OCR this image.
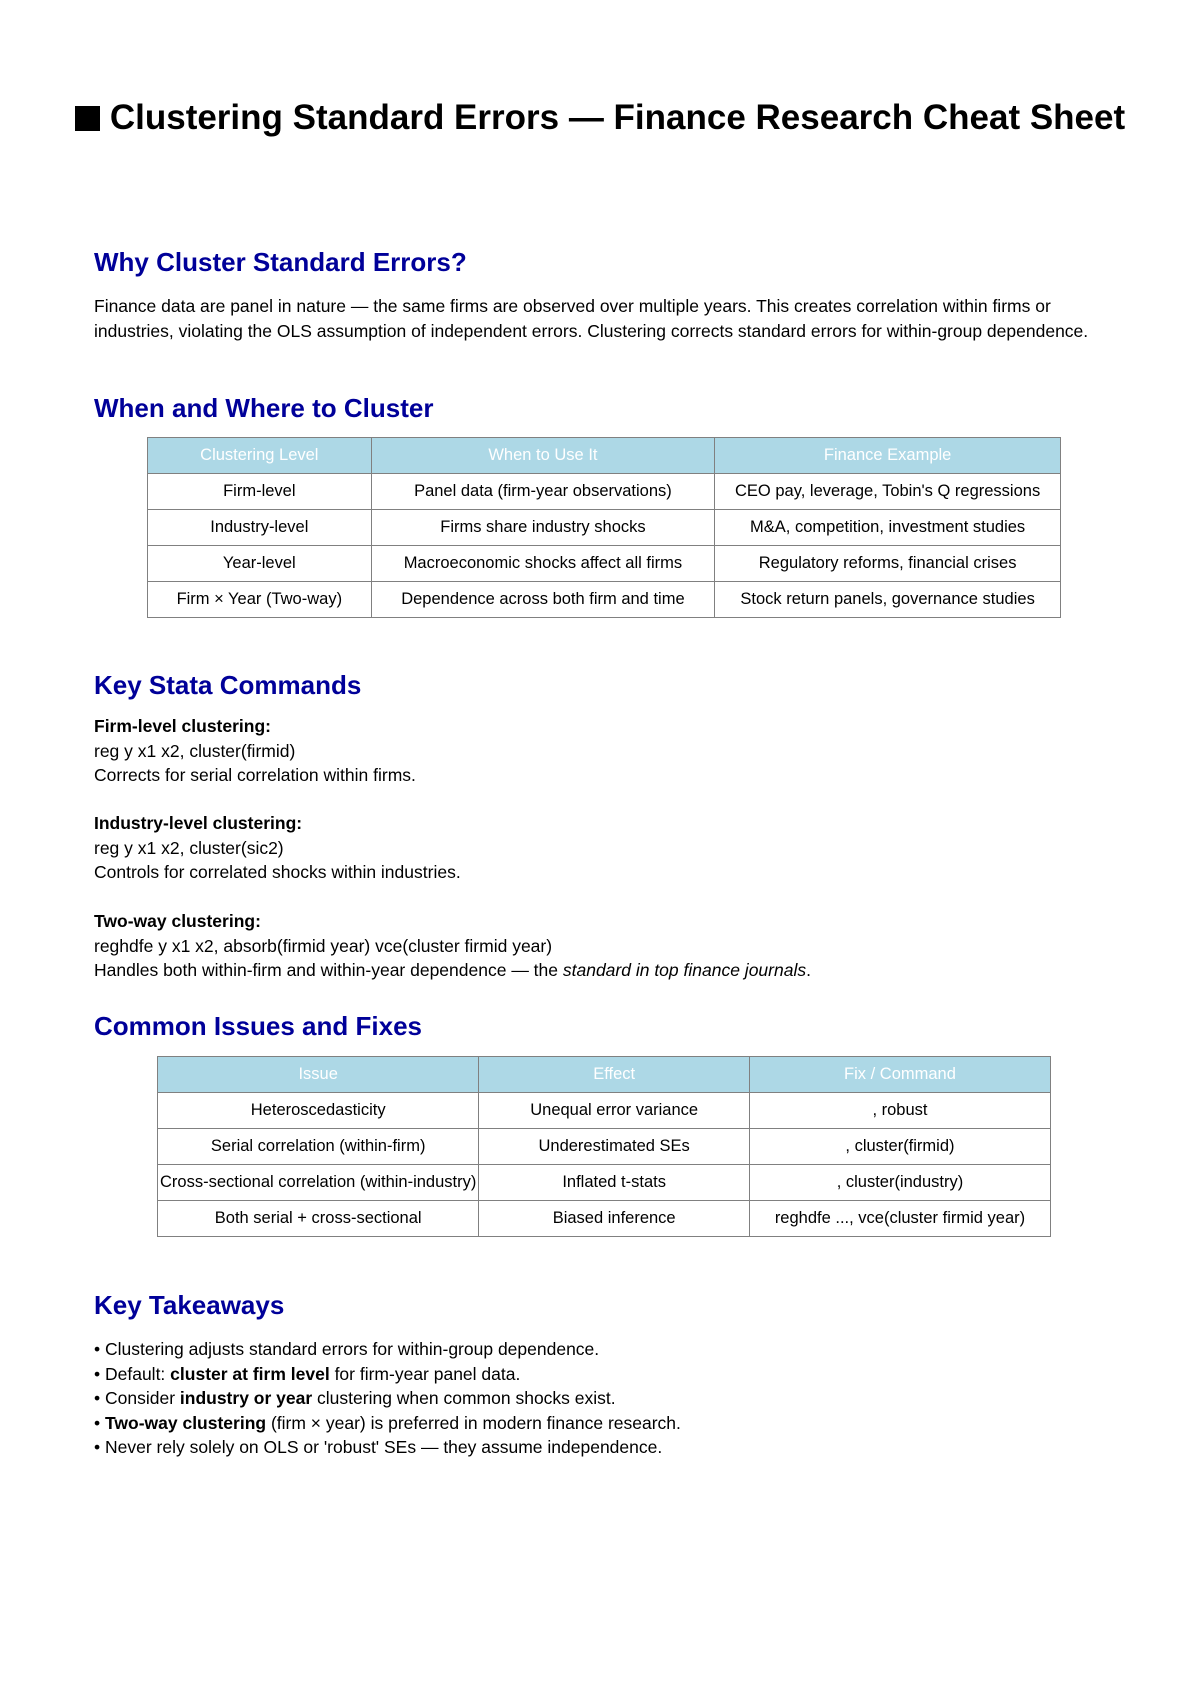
Clustering Standard Errors — Finance Research Cheat Sheet
Why Cluster Standard Errors?

Finance data are panel in nature — the same firms are observed over multiple years. This creates correlation within firms or industries, violating the OLS assumption of independent errors. Clustering corrects standard errors for within-group dependence.

When and Where to Cluster
Clustering Level	When to Use It	Finance Example
Firm-level	Panel data (firm-year observations)	CEO pay, leverage, Tobin's Q regressions
Industry-level	Firms share industry shocks	M&A, competition, investment studies
Year-level	Macroeconomic shocks affect all firms	Regulatory reforms, financial crises
Firm × Year (Two-way)	Dependence across both firm and time	Stock return panels, governance studies
Key Stata Commands
Firm-level clustering:
reg y x1 x2, cluster(firmid)
Corrects for serial correlation within firms.
Industry-level clustering:
reg y x1 x2, cluster(sic2)
Controls for correlated shocks within industries.
Two-way clustering:
reghdfe y x1 x2, absorb(firmid year) vce(cluster firmid year)
Handles both within-firm and within-year dependence — the standard in top finance journals.
Common Issues and Fixes
Issue	Effect	Fix / Command
Heteroscedasticity	Unequal error variance	, robust
Serial correlation (within-firm)	Underestimated SEs	, cluster(firmid)
Cross-sectional correlation (within-industry)	Inflated t-stats	, cluster(industry)
Both serial + cross-sectional	Biased inference	reghdfe ..., vce(cluster firmid year)
Key Takeaways
• Clustering adjusts standard errors for within-group dependence.
• Default: cluster at firm level for firm-year panel data.
• Consider industry or year clustering when common shocks exist.
• Two-way clustering (firm × year) is preferred in modern finance research.
• Never rely solely on OLS or 'robust' SEs — they assume independence.
